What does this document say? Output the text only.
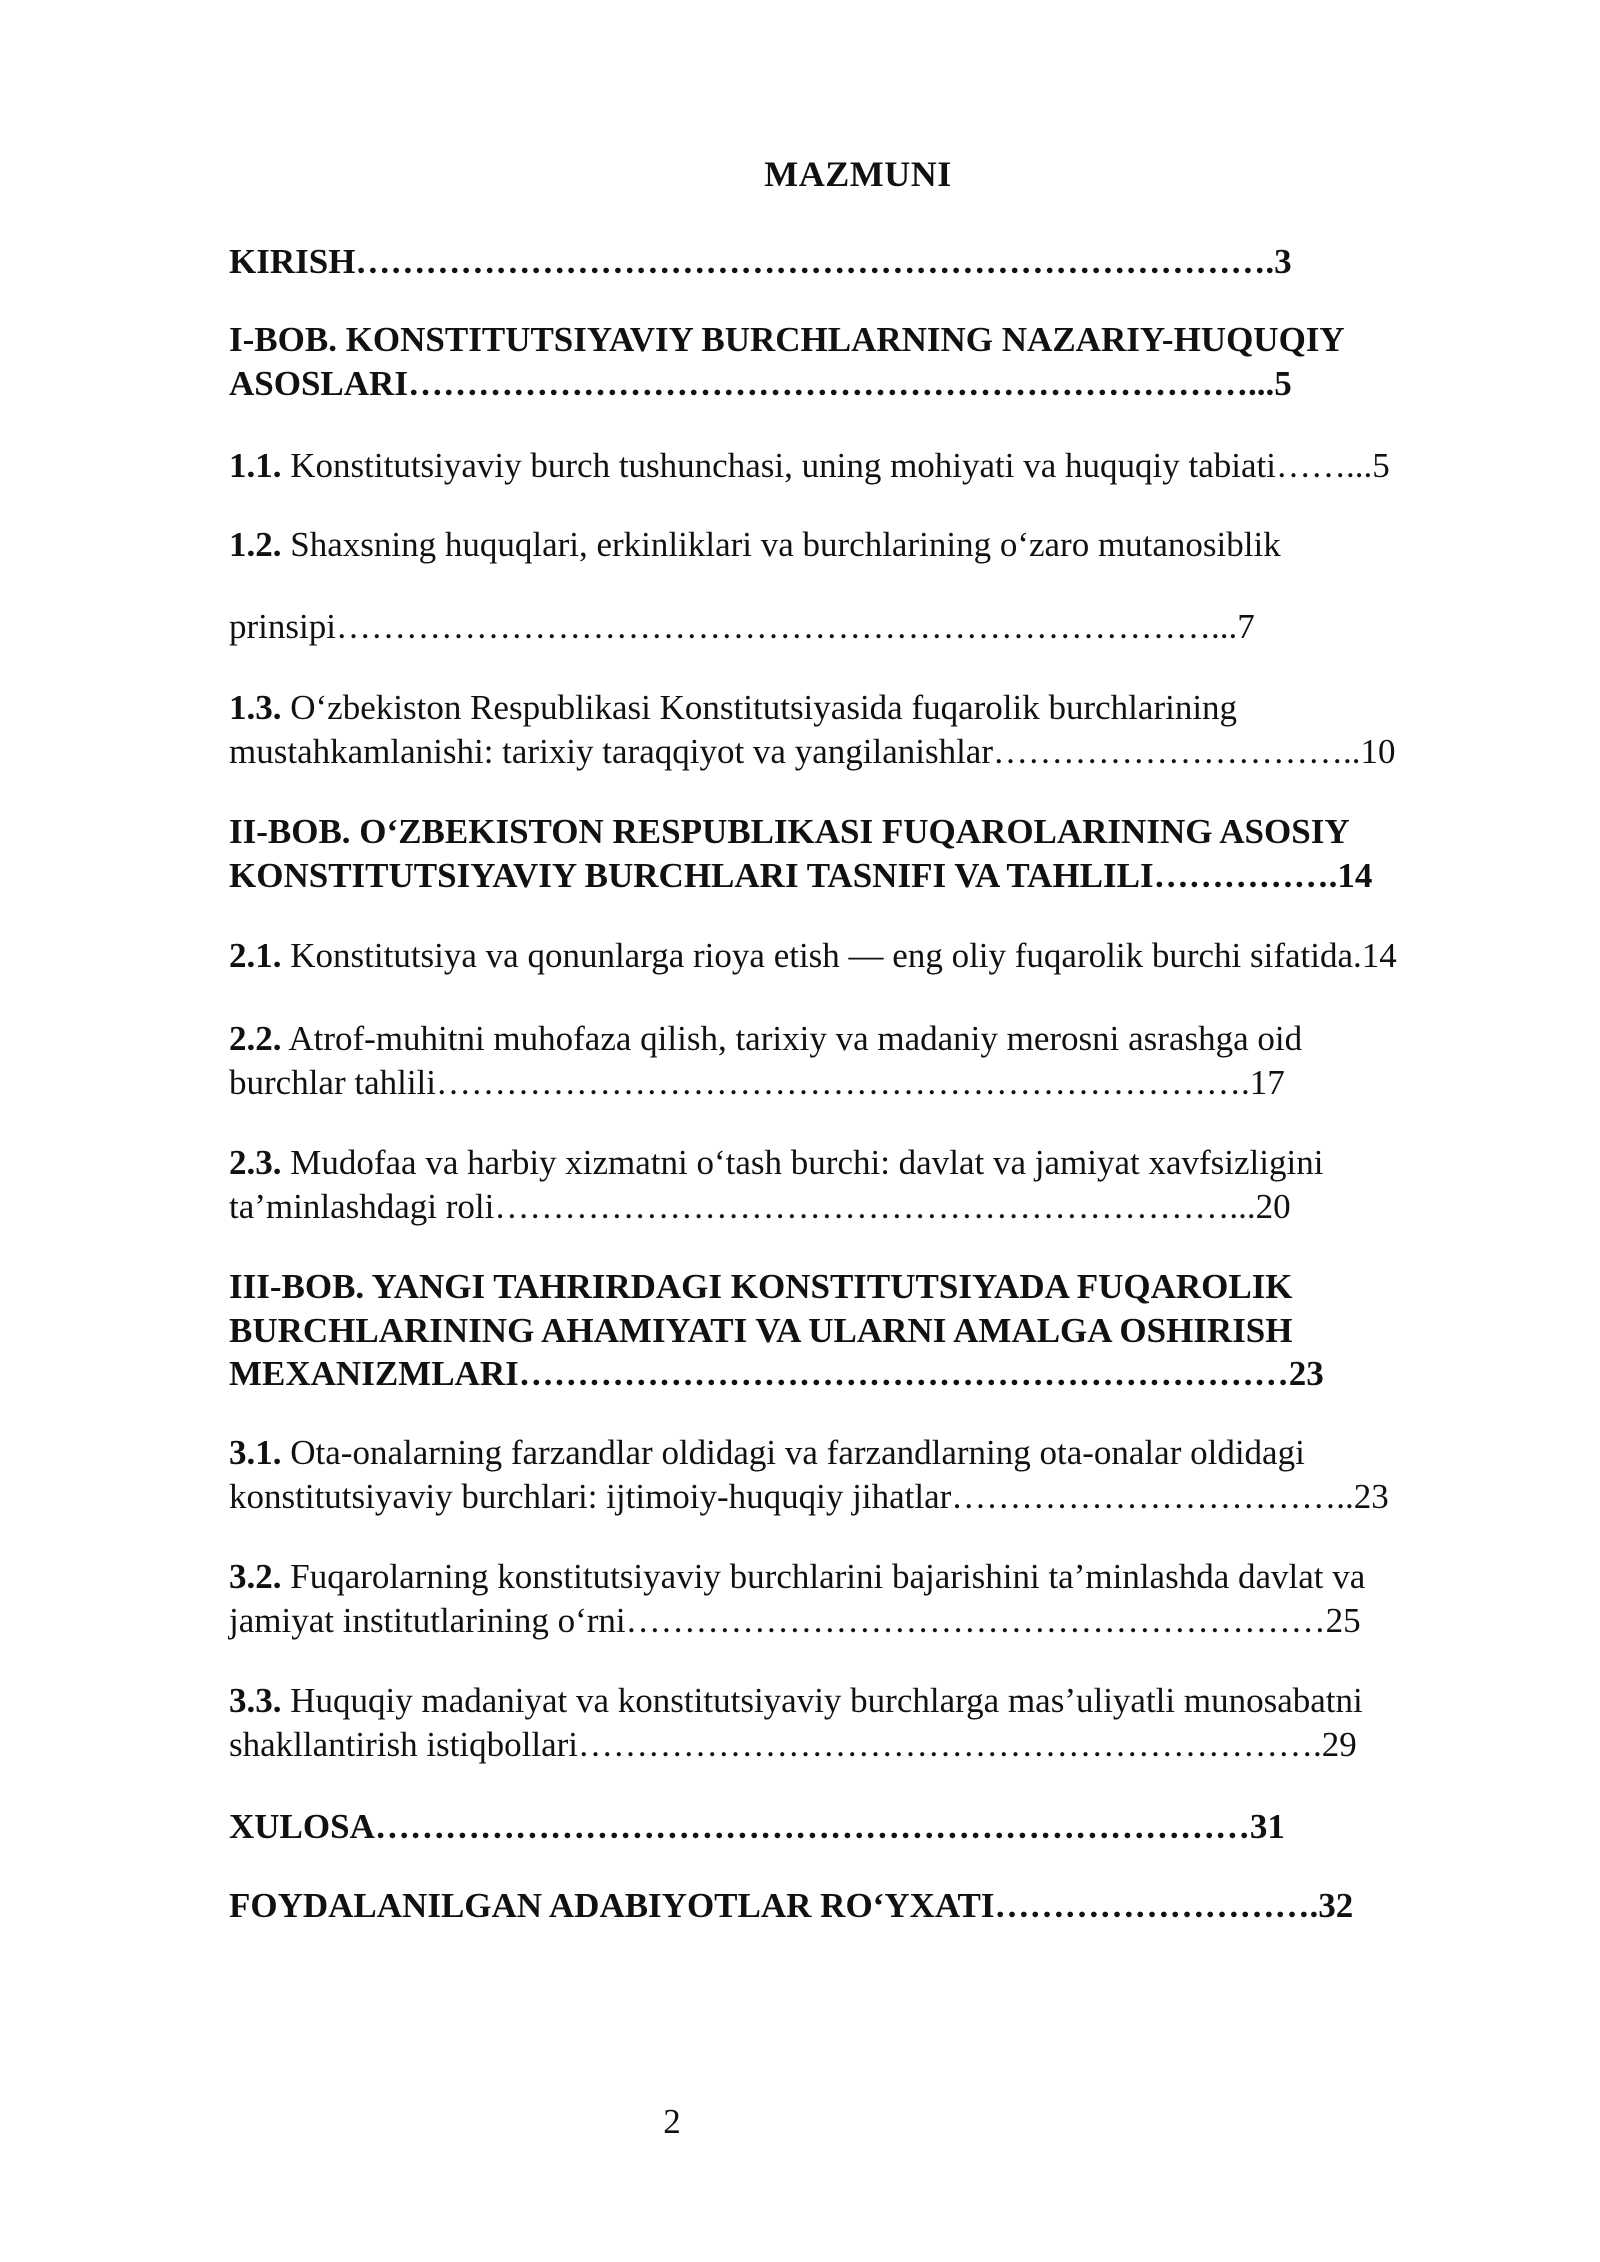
MAZMUNI
KIRISH…………………………………………………………………….3
I-BOB. KONSTITUTSIYAVIY BURCHLARNING NAZARIY-HUQUQIY
ASOSLARI………………………………………………………………...5
1.1. Konstitutsiyaviy burch tushunchasi, uning mohiyati va huquqiy tabiati……...5
1.2. Shaxsning huquqlari, erkinliklari va burchlarining o‘zaro mutanosiblik
prinsipi…………………………………………………………………...7
1.3. O‘zbekiston Respublikasi Konstitutsiyasida fuqarolik burchlarining
mustahkamlanishi: tarixiy taraqqiyot va yangilanishlar…………………………..10
II-BOB. O‘ZBEKISTON RESPUBLIKASI FUQAROLARINING ASOSIY
KONSTITUTSIYAVIY BURCHLARI TASNIFI VA TAHLILI…………….14
2.1. Konstitutsiya va qonunlarga rioya etish — eng oliy fuqarolik burchi sifatida.14
2.2. Atrof-muhitni muhofaza qilish, tarixiy va madaniy merosni asrashga oid
burchlar tahlili…………………………………………………………….17
2.3. Mudofaa va harbiy xizmatni o‘tash burchi: davlat va jamiyat xavfsizligini
ta’minlashdagi roli………………………………………………………...20
III-BOB. YANGI TAHRIRDAGI KONSTITUTSIYADA FUQAROLIK
BURCHLARINING AHAMIYATI VA ULARNI AMALGA OSHIRISH
MEXANIZMLARI…………………………………………………………23
3.1. Ota-onalarning farzandlar oldidagi va farzandlarning ota-onalar oldidagi
konstitutsiyaviy burchlari: ijtimoiy-huquqiy jihatlar……………………………..23
3.2. Fuqarolarning konstitutsiyaviy burchlarini bajarishini ta’minlashda davlat va
jamiyat institutlarining o‘rni……………………………………………………25
3.3. Huquqiy madaniyat va konstitutsiyaviy burchlarga mas’uliyatli munosabatni
shakllantirish istiqbollari……………………………………………………….29
XULOSA…………………………………………………………………31
FOYDALANILGAN ADABIYOTLAR RO‘YXATI……………………….32
2
